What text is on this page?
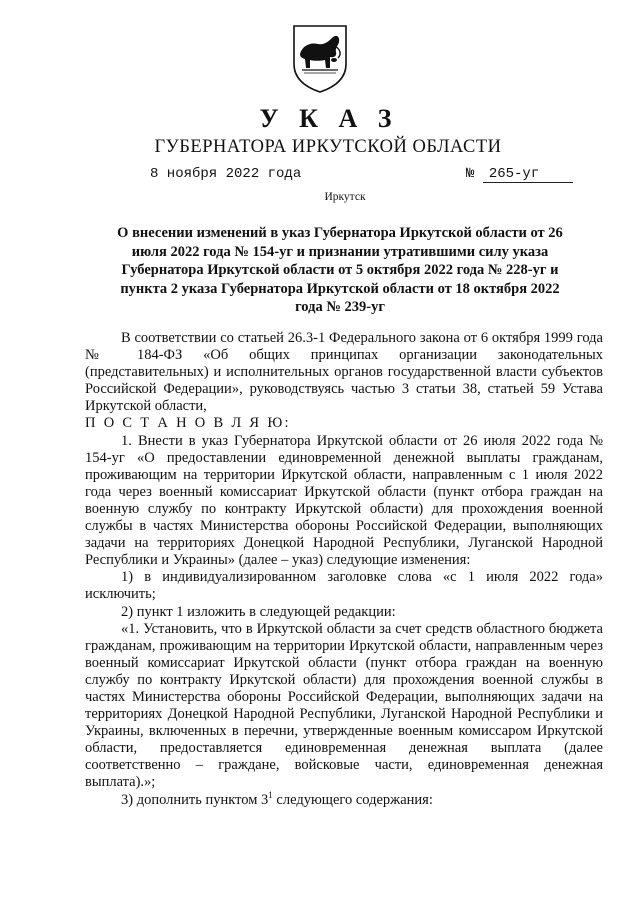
У К А З
ГУБЕРНАТОРА ИРКУТСКОЙ ОБЛАСТИ
8 ноября 2022 года	№ 265-уг
Иркутск
О внесении изменений в указ Губернатора Иркутской области от 26 июля 2022 года № 154-уг и признании утратившими силу указа Губернатора Иркутской области от 5 октября 2022 года № 228-уг и пункта 2 указа Губернатора Иркутской области от 18 октября 2022 года № 239-уг

В соответствии со статьей 26.3-1 Федерального закона от 6 октября 1999 года № 184-ФЗ «Об общих принципах организации законодательных (представительных) и исполнительных органов государственной власти субъектов Российской Федерации», руководствуясь частью 3 статьи 38, статьей 59 Устава Иркутской области,

П О С Т А Н О В Л Я Ю:

1. Внести в указ Губернатора Иркутской области от 26 июля 2022 года № 154-уг «О предоставлении единовременной денежной выплаты гражданам, проживающим на территории Иркутской области, направленным с 1 июля 2022 года через военный комиссариат Иркутской области (пункт отбора граждан на военную службу по контракту Иркутской области) для прохождения военной службы в частях Министерства обороны Российской Федерации, выполняющих задачи на территориях Донецкой Народной Республики, Луганской Народной Республики и Украины» (далее – указ) следующие изменения:

1) в индивидуализированном заголовке слова «с 1 июля 2022 года» исключить;

2) пункт 1 изложить в следующей редакции:

«1. Установить, что в Иркутской области за счет средств областного бюджета гражданам, проживающим на территории Иркутской области, направленным через военный комиссариат Иркутской области (пункт отбора граждан на военную службу по контракту Иркутской области) для прохождения военной службы в частях Министерства обороны Российской Федерации, выполняющих задачи на территориях Донецкой Народной Республики, Луганской Народной Республики и Украины, включенных в перечни, утвержденные военным комиссаром Иркутской области, предоставляется единовременная денежная выплата (далее соответственно – граждане, войсковые части, единовременная денежная выплата).»;

3) дополнить пунктом $3^1$ следующего содержания:
